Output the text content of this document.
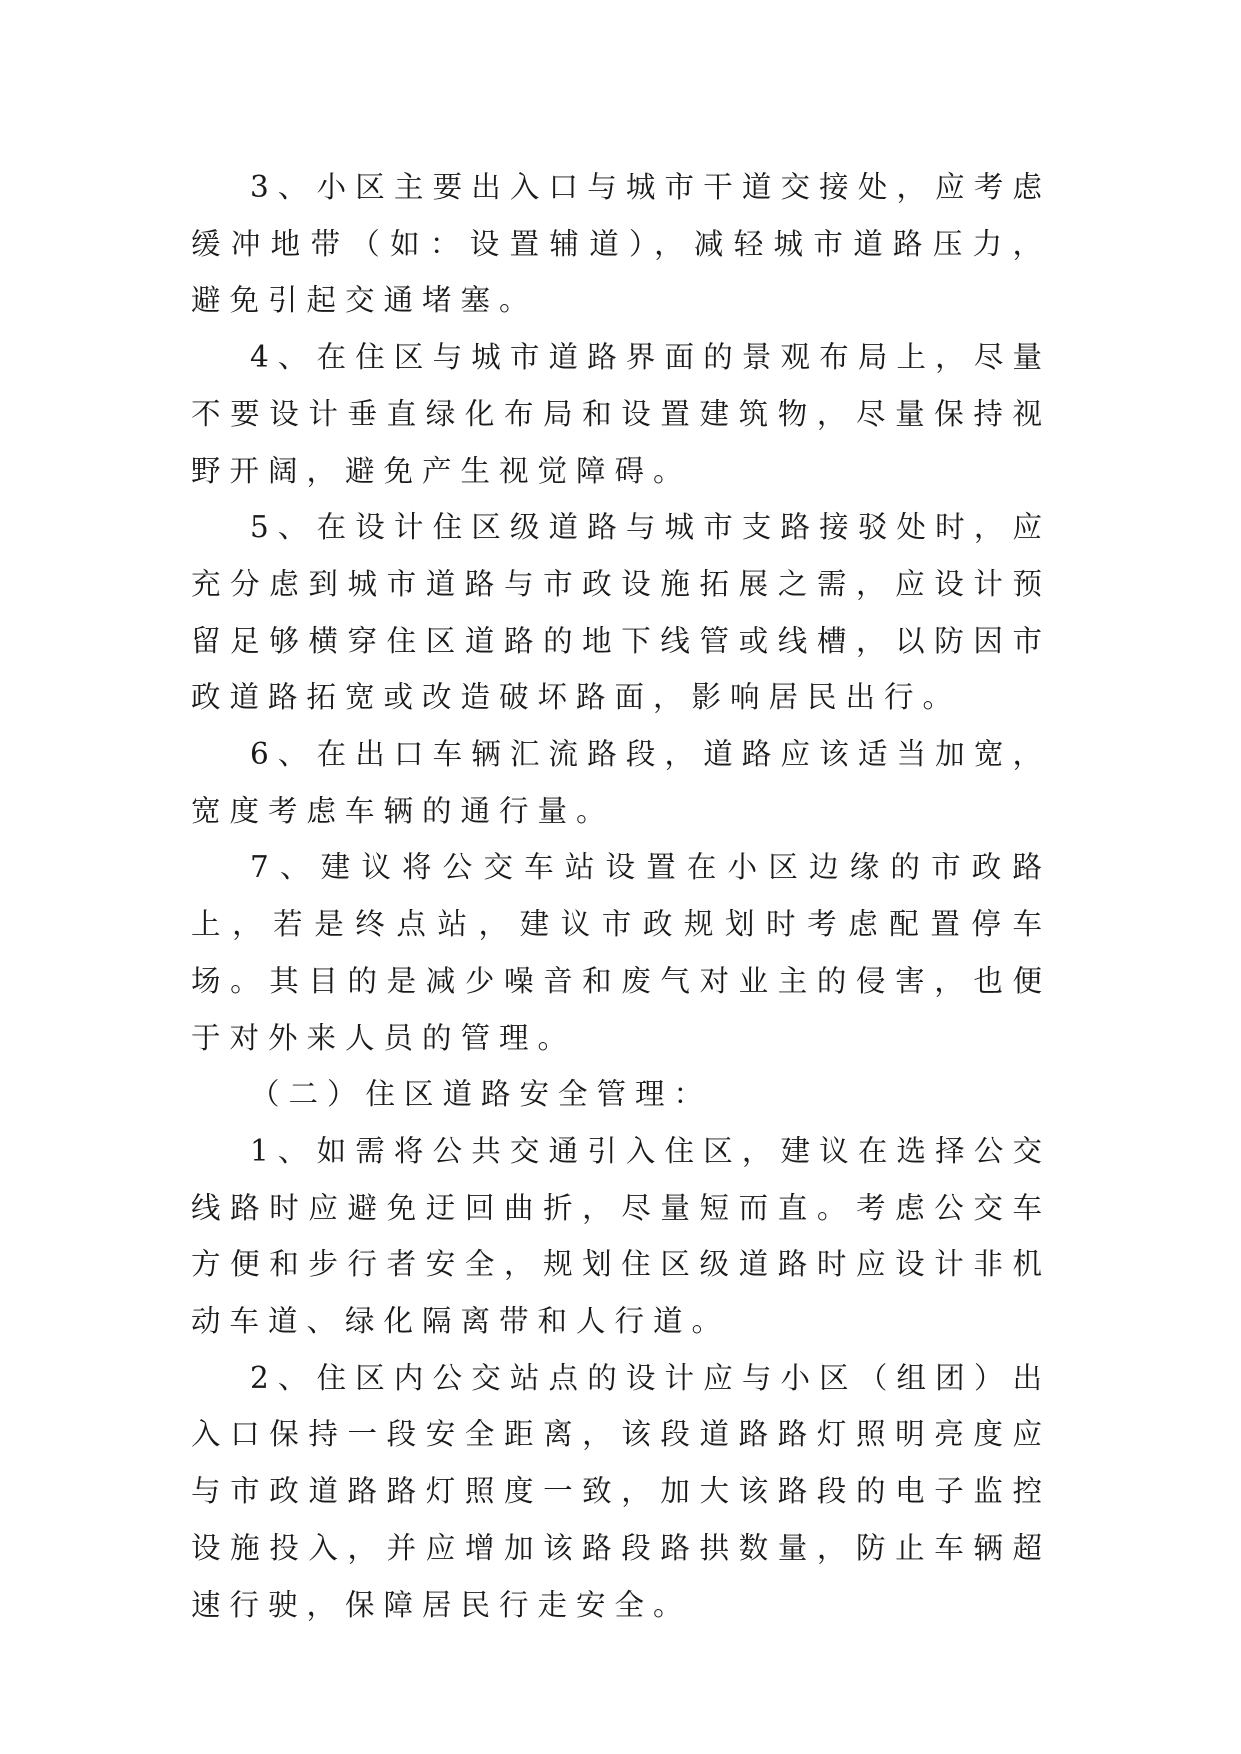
3、小区主要出入口与城市干道交接处，应考虑缓冲地带（如：设置辅道），减轻城市道路压力，避免引起交通堵塞。

4、在住区与城市道路界面的景观布局上，尽量不要设计垂直绿化布局和设置建筑物，尽量保持视野开阔，避免产生视觉障碍。

5、在设计住区级道路与城市支路接驳处时，应充分虑到城市道路与市政设施拓展之需，应设计预留足够横穿住区道路的地下线管或线槽，以防因市政道路拓宽或改造破坏路面，影响居民出行。

6、在出口车辆汇流路段，道路应该适当加宽，宽度考虑车辆的通行量。

7、建议将公交车站设置在小区边缘的市政路上，若是终点站，建议市政规划时考虑配置停车场。其目的是减少噪音和废气对业主的侵害，也便于对外来人员的管理。

（二）住区道路安全管理：

1、如需将公共交通引入住区，建议在选择公交线路时应避免迂回曲折，尽量短而直。考虑公交车方便和步行者安全，规划住区级道路时应设计非机动车道、绿化隔离带和人行道。

2、住区内公交站点的设计应与小区（组团）出入口保持一段安全距离，该段道路路灯照明亮度应与市政道路路灯照度一致，加大该路段的电子监控设施投入，并应增加该路段路拱数量，防止车辆超速行驶，保障居民行走安全。
